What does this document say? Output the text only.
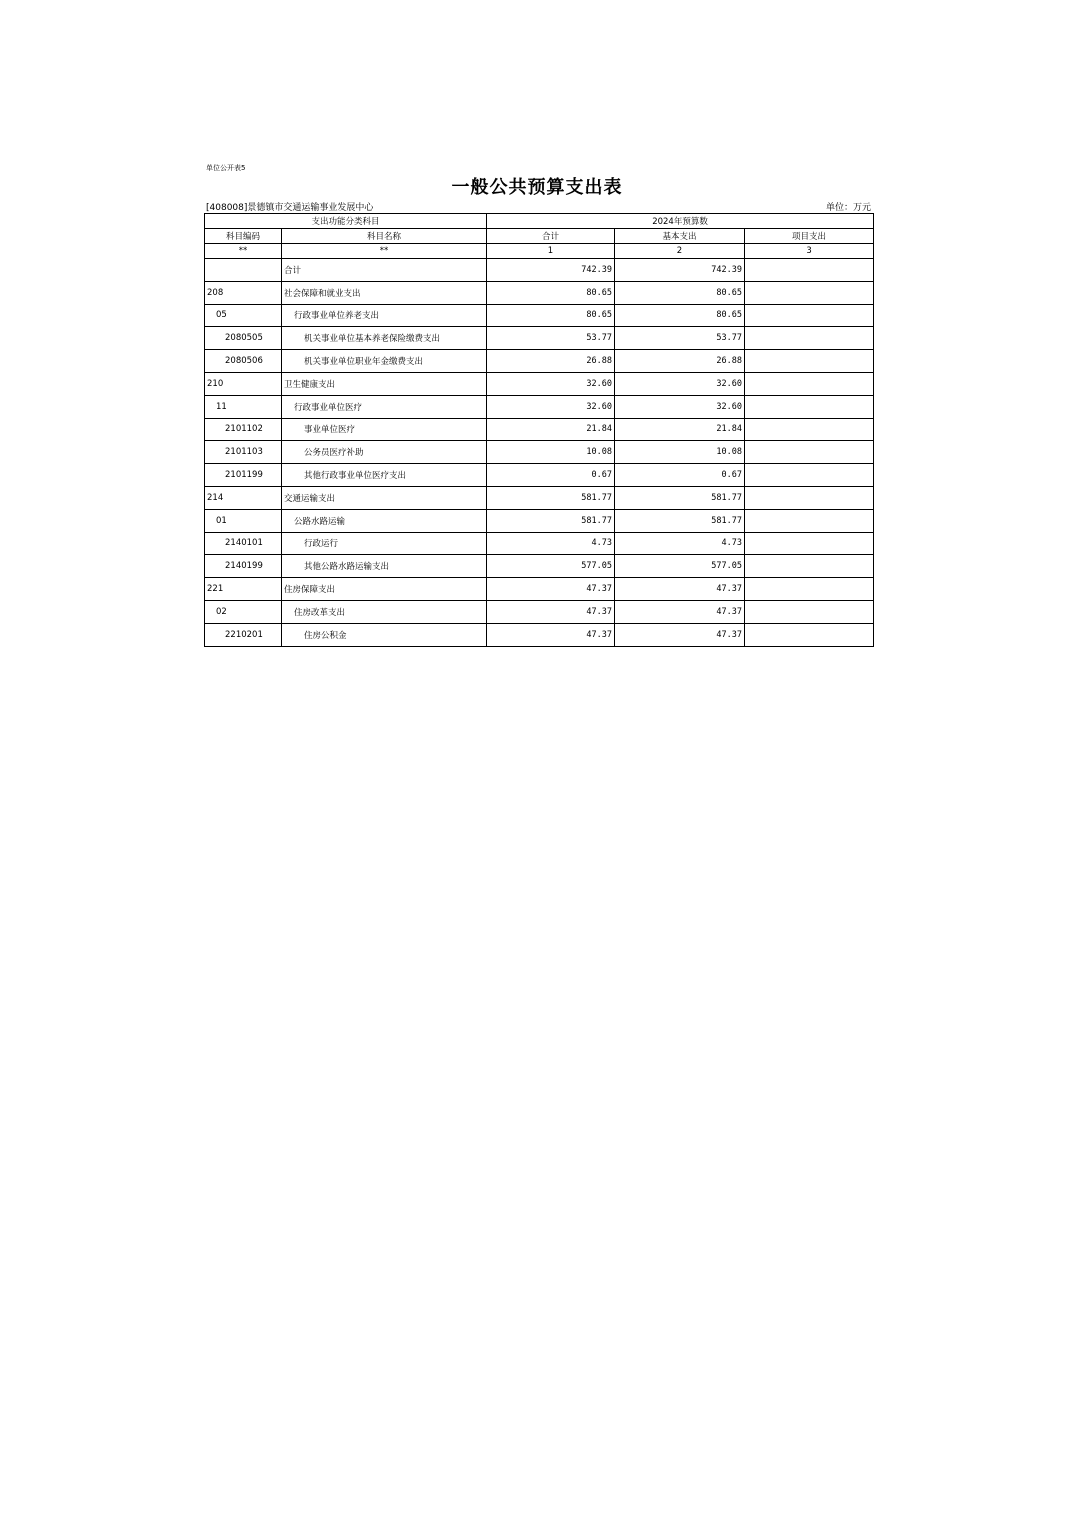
单位公开表5
一般公共预算支出表
[408008]景德镇市交通运输事业发展中心	单位：万元
支出功能分类科目		2024年预算数		
科目编码	科目名称	合计	基本支出	项目支出
**	**	1	2	3
	合计	742.39	742.39	
208	社会保障和就业支出	80.65	80.65	
05	行政事业单位养老支出	80.65	80.65	
2080505	机关事业单位基本养老保险缴费支出	53.77	53.77	
2080506	机关事业单位职业年金缴费支出	26.88	26.88	
210	卫生健康支出	32.60	32.60	
11	行政事业单位医疗	32.60	32.60	
2101102	事业单位医疗	21.84	21.84	
2101103	公务员医疗补助	10.08	10.08	
2101199	其他行政事业单位医疗支出	0.67	0.67	
214	交通运输支出	581.77	581.77	
01	公路水路运输	581.77	581.77	
2140101	行政运行	4.73	4.73	
2140199	其他公路水路运输支出	577.05	577.05	
221	住房保障支出	47.37	47.37	
02	住房改革支出	47.37	47.37	
2210201	住房公积金	47.37	47.37	
